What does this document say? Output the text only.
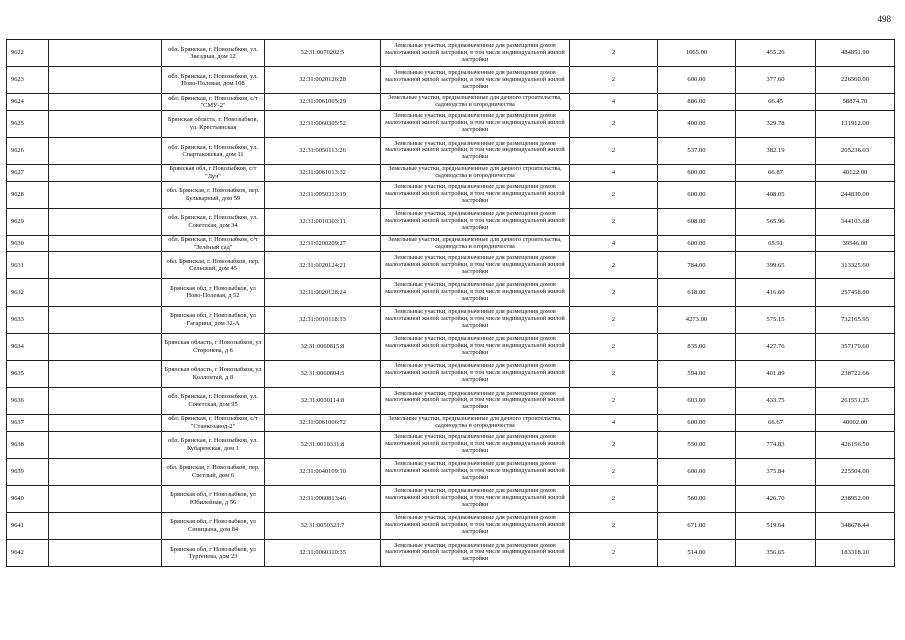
498
9622		обл. Брянская, г. Новозыбков, ул. Звездная, дом 12	32:31:0070202:5	Земельные участки, предназначенные для размещения домов малоэтажной жилой застройки, в том числе индивидуальной жилой застройки	2	1065.00	455.26	484851.90
9623		обл. Брянская, г. Новозыбков, ул. Ново-Полевая, дом 108	32:31:0020126:28	Земельные участки, предназначенные для размещения домов малоэтажной жилой застройки, в том числе индивидуальной жилой застройки	2	600.00	377.60	226560.00
9624		обл. Брянская, г. Новозыбков, с/т "СМУ-2"	32:31:0061005:29	Земельные участки, предназначенные для дачного строительства, садоводства и огородничества	4	886.00	66.45	58874.70
9625		Брянская область, г. Новозыбков, ул. Крестьянская	32:31:0060305:52	Земельные участки, предназначенные для размещения домов малоэтажной жилой застройки, в том числе индивидуальной жилой застройки	2	400.00	329.78	131912.00
9626		обл. Брянская, г. Новозыбков, ул. Спартаковская, дом 11	32:31:0050113:26	Земельные участки, предназначенные для размещения домов малоэтажной жилой застройки, в том числе индивидуальной жилой застройки	2	537.00	382.19	205236.03
9627		Брянская обл, г Новозыбков, с/т "Луч"	32:31:0061013:32	Земельные участки, предназначенные для дачного строительства, садоводства и огородничества	4	600.00	66.87	40122.00
9628		обл. Брянская, г. Новозыбков, пер. Бульварный, дом 59	32:31:0050313:19	Земельные участки, предназначенные для размещения домов малоэтажной жилой застройки, в том числе индивидуальной жилой застройки	2	600.00	408.05	244830.00
9629		обл. Брянская, г. Новозыбков, ул. Советская, дом 34	32:31:0010303:11	Земельные участки, предназначенные для размещения домов малоэтажной жилой застройки, в том числе индивидуальной жилой застройки	2	608.00	565.96	344103.68
9630		обл. Брянская, г. Новозыбков, с/т "Зелёный сад"	32:31:0200209:27	Земельные участки, предназначенные для дачного строительства, садоводства и огородничества	4	600.00	65.91	39546.00
9631		обл. Брянская, г. Новозыбков, пер. Сельский, дом 45	32:31:0020124:21	Земельные участки, предназначенные для размещения домов малоэтажной жилой застройки, в том числе индивидуальной жилой застройки	2	784.00	399.65	313325.60
9632		Брянская обл, г Новозыбков, ул Ново-Полевая, д 52	32:31:0020128:24	Земельные участки, предназначенные для размещения домов малоэтажной жилой застройки, в том числе индивидуальной жилой застройки	2	618.00	416.60	257458.80
9633		Брянская обл, г Новозыбков, ул Гагарина, дом 32-А	32:31:0010118:13	Земельные участки, предназначенные для размещения домов малоэтажной жилой застройки, в том числе индивидуальной жилой застройки	2	4273.00	575.15	732165.95
9634		Брянская область, г Новозыбков, ул Сторонева, д 6	32:31:0060815:8	Земельные участки, предназначенные для размещения домов малоэтажной жилой застройки, в том числе индивидуальной жилой застройки	2	835.00	427.76	357179.60
9635		Брянская область, г Новозыбков, ул Коллонтай, д 8	32:31:0060804:5	Земельные участки, предназначенные для размещения домов малоэтажной жилой застройки, в том числе индивидуальной жилой застройки	2	594.00	401.89	238722.66
9636		обл. Брянская, г. Новозыбков, ул. Советская, дом 95	32:31:0030114:8	Земельные участки, предназначенные для размещения домов малоэтажной жилой застройки, в том числе индивидуальной жилой застройки	2	603.00	433.75	261551.25
9637		обл. Брянская, г. Новозыбков, с/т "Станкозавод-2"	32:31:0061006:72	Земельные участки, предназначенные для дачного строительства, садоводства и огородничества	4	600.00	66.67	40002.00
9638		обл. Брянская, г. Новозыбков, ул. Кубаревская, дом 1	32:31:0010331:8	Земельные участки, предназначенные для размещения домов малоэтажной жилой застройки, в том числе индивидуальной жилой застройки	2	550.00	774.83	426156.50
9639		обл. Брянская, г. Новозыбков, пер. Светлый, дом 6	32:31:0040109:10	Земельные участки, предназначенные для размещения домов малоэтажной жилой застройки, в том числе индивидуальной жилой застройки	2	600.00	375.84	225504.00
9640		Брянская обл, г Новозыбков, ул Юбилейная, д 56	32:31:0060813:46	Земельные участки, предназначенные для размещения домов малоэтажной жилой застройки, в том числе индивидуальной жилой застройки	2	560.00	426.70	238952.00
9641		Брянская обл, г Новозыбков, ул Синицына, дом 84	32:31:0050323:7	Земельные участки, предназначенные для размещения домов малоэтажной жилой застройки, в том числе индивидуальной жилой застройки	2	671.00	519.64	348678.44
9642		Брянская обл, г Новозыбков, ул Тургенева, дом 23	32:31:0060310:35	Земельные участки, предназначенные для размещения домов малоэтажной жилой застройки, в том числе индивидуальной жилой застройки	2	514.00	356.65	183318.10
